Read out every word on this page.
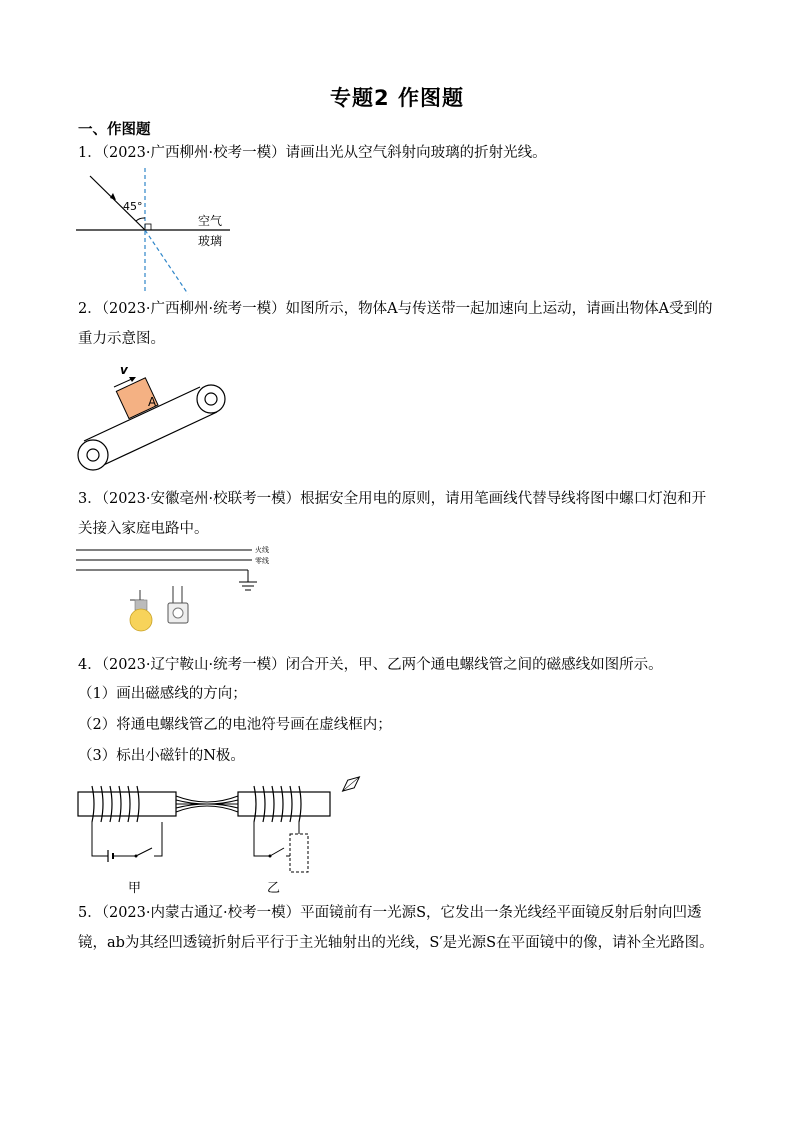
专题2 作图题
一、作图题
1．（2023·广西柳州·校考一模）请画出光从空气斜射向玻璃的折射光线。
45°
空气
玻璃
2．（2023·广西柳州·统考一模）如图所示，物体A与传送带一起加速向上运动，请画出物体A受到的重力示意图。
A
v
3．（2023·安徽亳州·校联考一模）根据安全用电的原则，请用笔画线代替导线将图中螺口灯泡和开关接入家庭电路中。
火线
零线
4．（2023·辽宁鞍山·统考一模）闭合开关，甲、乙两个通电螺线管之间的磁感线如图所示。
（1）画出磁感线的方向；
（2）将通电螺线管乙的电池符号画在虚线框内；
（3）标出小磁针的N极。
甲	乙
5．（2023·内蒙古通辽·校考一模）平面镜前有一光源S，它发出一条光线经平面镜反射后射向凹透镜，ab为其经凹透镜折射后平行于主光轴射出的光线，S′是光源S在平面镜中的像，请补全光路图。
